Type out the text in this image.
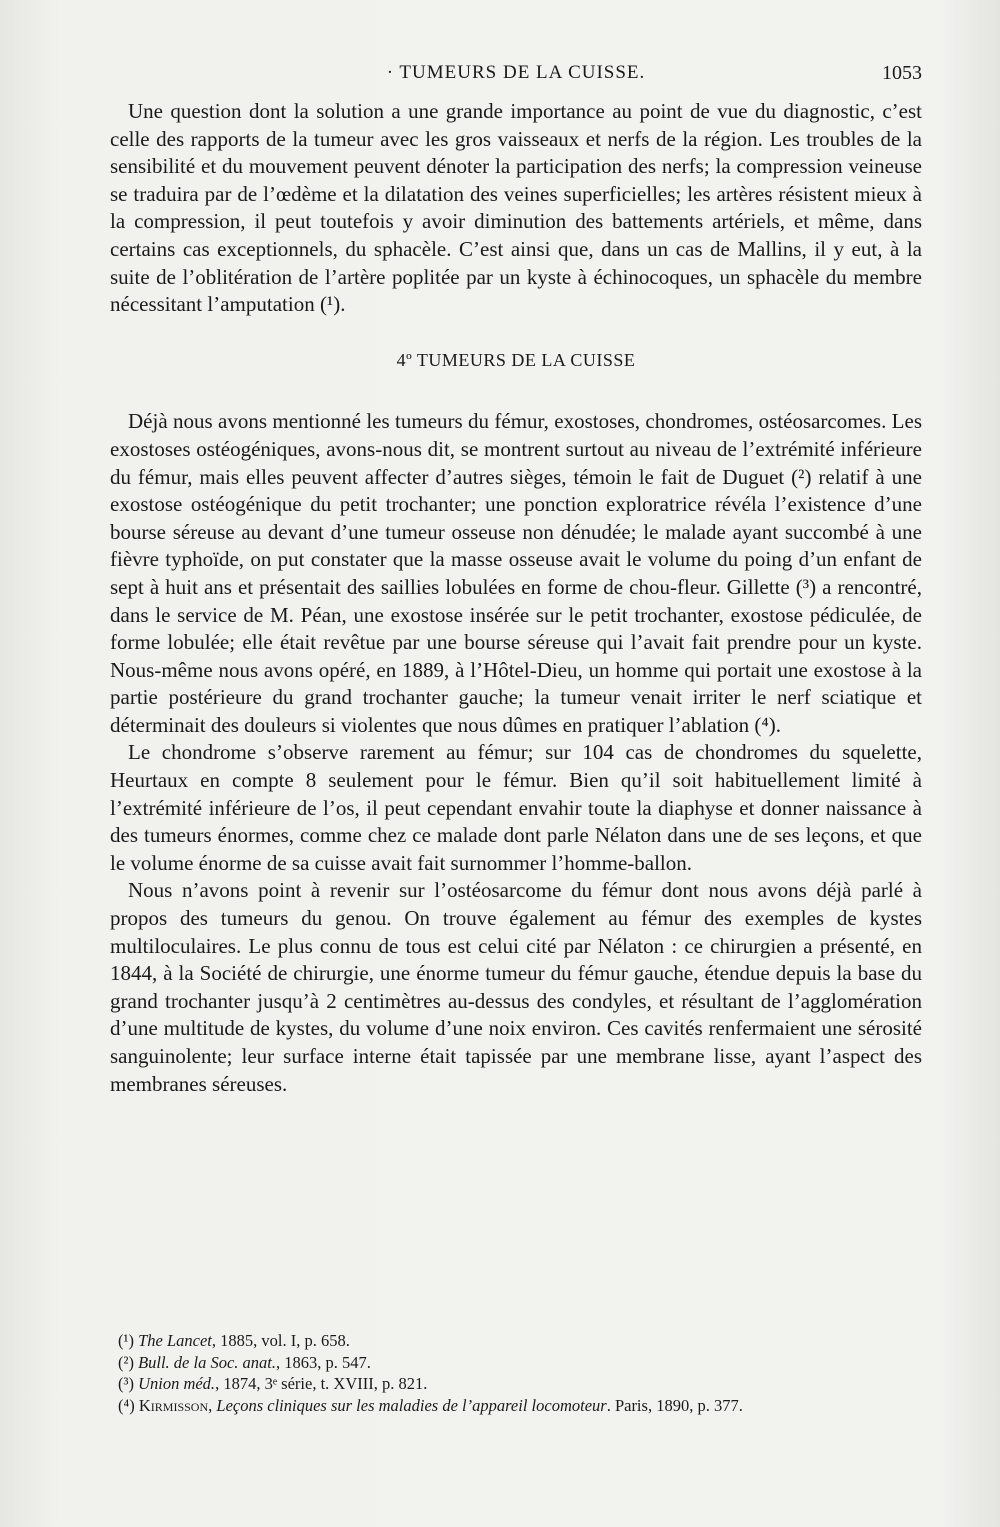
· TUMEURS DE LA CUISSE.	1053

Une question dont la solution a une grande importance au point de vue du diagnostic, c’est celle des rapports de la tumeur avec les gros vaisseaux et nerfs de la région. Les troubles de la sensibilité et du mouvement peuvent dénoter la participation des nerfs; la compression veineuse se traduira par de l’œdème et la dilatation des veines superficielles; les artères résistent mieux à la compression, il peut toutefois y avoir diminution des battements artériels, et même, dans certains cas exceptionnels, du sphacèle. C’est ainsi que, dans un cas de Mallins, il y eut, à la suite de l’oblitération de l’artère poplitée par un kyste à échinocoques, un sphacèle du membre nécessitant l’amputation (¹).

4º TUMEURS DE LA CUISSE

Déjà nous avons mentionné les tumeurs du fémur, exostoses, chondromes, ostéosarcomes. Les exostoses ostéogéniques, avons-nous dit, se montrent surtout au niveau de l’extrémité inférieure du fémur, mais elles peuvent affecter d’autres sièges, témoin le fait de Duguet (²) relatif à une exostose ostéogénique du petit trochanter; une ponction exploratrice révéla l’existence d’une bourse séreuse au devant d’une tumeur osseuse non dénudée; le malade ayant succombé à une fièvre typhoïde, on put constater que la masse osseuse avait le volume du poing d’un enfant de sept à huit ans et présentait des saillies lobulées en forme de chou-fleur. Gillette (³) a rencontré, dans le service de M. Péan, une exostose insérée sur le petit trochanter, exostose pédiculée, de forme lobulée; elle était revêtue par une bourse séreuse qui l’avait fait prendre pour un kyste. Nous-même nous avons opéré, en 1889, à l’Hôtel-Dieu, un homme qui portait une exostose à la partie postérieure du grand trochanter gauche; la tumeur venait irriter le nerf sciatique et déterminait des douleurs si violentes que nous dûmes en pratiquer l’ablation (⁴).

Le chondrome s’observe rarement au fémur; sur 104 cas de chondromes du squelette, Heurtaux en compte 8 seulement pour le fémur. Bien qu’il soit habituellement limité à l’extrémité inférieure de l’os, il peut cependant envahir toute la diaphyse et donner naissance à des tumeurs énormes, comme chez ce malade dont parle Nélaton dans une de ses leçons, et que le volume énorme de sa cuisse avait fait surnommer l’homme-ballon.

Nous n’avons point à revenir sur l’ostéosarcome du fémur dont nous avons déjà parlé à propos des tumeurs du genou. On trouve également au fémur des exemples de kystes multiloculaires. Le plus connu de tous est celui cité par Nélaton : ce chirurgien a présenté, en 1844, à la Société de chirurgie, une énorme tumeur du fémur gauche, étendue depuis la base du grand trochanter jusqu’à 2 centimètres au-dessus des condyles, et résultant de l’agglomération d’une multitude de kystes, du volume d’une noix environ. Ces cavités renfermaient une sérosité sanguinolente; leur surface interne était tapissée par une membrane lisse, ayant l’aspect des membranes séreuses.

(¹) The Lancet, 1885, vol. I, p. 658.
(²) Bull. de la Soc. anat., 1863, p. 547.
(³) Union méd., 1874, 3ᵉ série, t. XVIII, p. 821.
(⁴) Kirmisson, Leçons cliniques sur les maladies de l’appareil locomoteur. Paris, 1890, p. 377.
